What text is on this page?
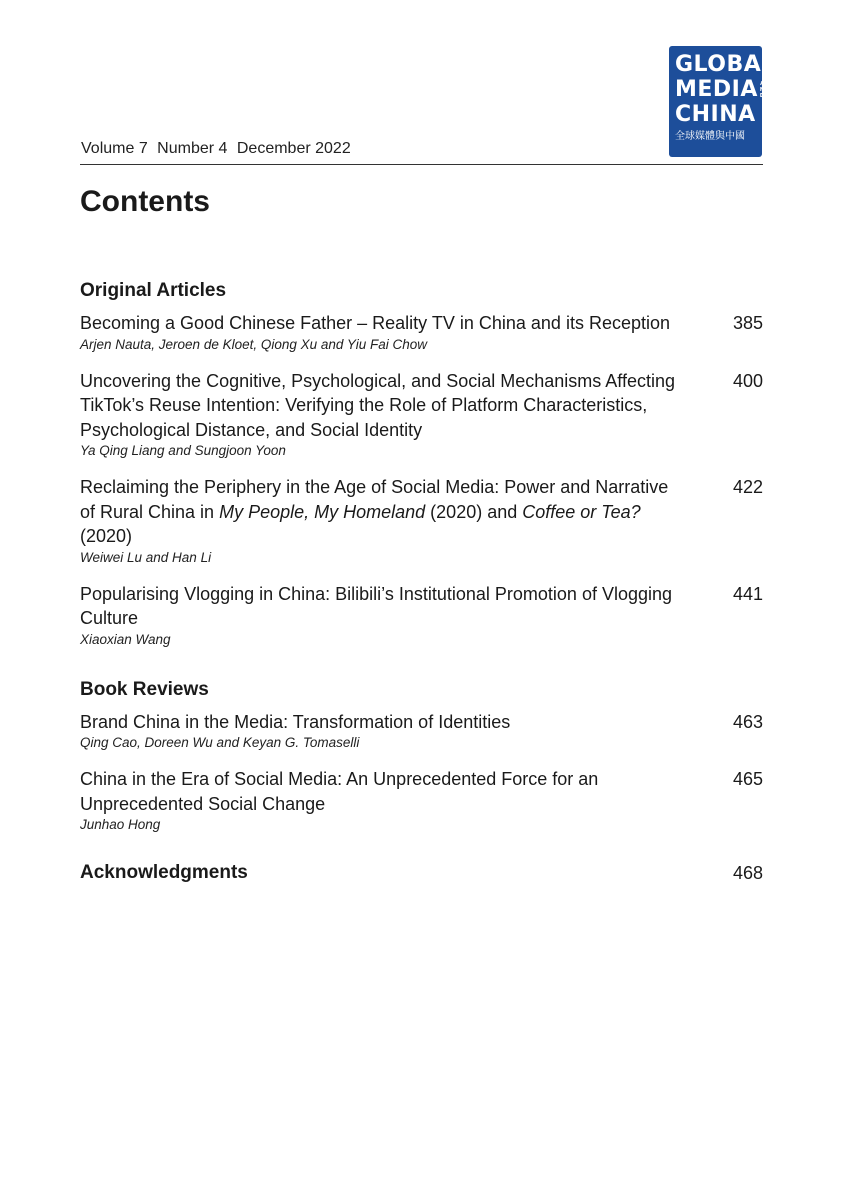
GLOBAL
MEDIA A
N
D
CHINA
全球媒體與中國
Volume 7 Number 4 December 2022
Contents
Original Articles
Becoming a Good Chinese Father – Reality TV in China and its Reception
Arjen Nauta, Jeroen de Kloet, Qiong Xu and Yiu Fai Chow
385
Uncovering the Cognitive, Psychological, and Social Mechanisms Affecting TikTok’s Reuse Intention: Verifying the Role of Platform Characteristics, Psychological Distance, and Social Identity
Ya Qing Liang and Sungjoon Yoon
400
Reclaiming the Periphery in the Age of Social Media: Power and Narrative of Rural China in My People, My Homeland (2020) and Coffee or Tea? (2020)
Weiwei Lu and Han Li
422
Popularising Vlogging in China: Bilibili’s Institutional Promotion of Vlogging Culture
Xiaoxian Wang
441
Book Reviews
Brand China in the Media: Transformation of Identities
Qing Cao, Doreen Wu and Keyan G. Tomaselli
463
China in the Era of Social Media: An Unprecedented Force for an Unprecedented Social Change
Junhao Hong
465
Acknowledgments	468
